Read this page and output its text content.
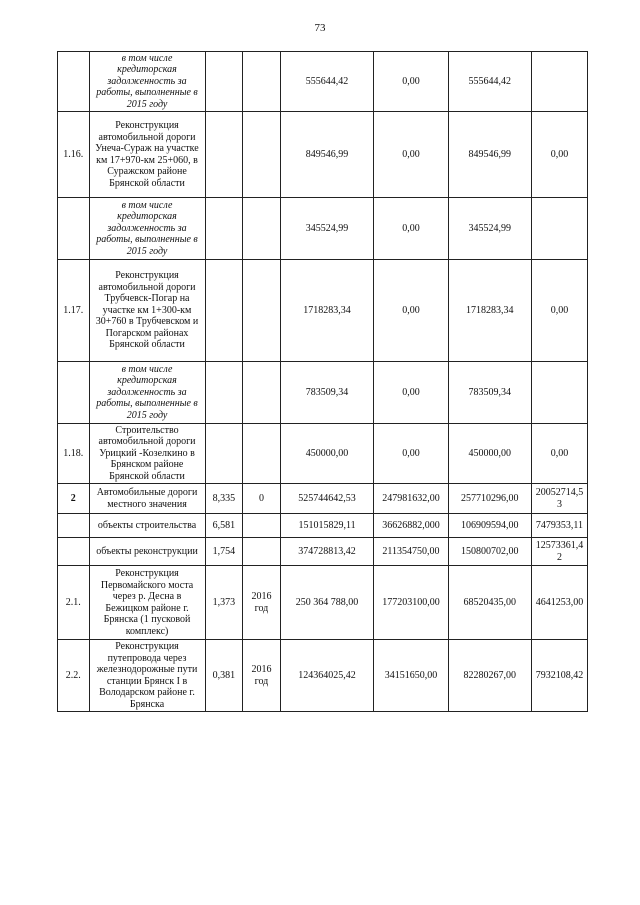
73
	в том числе кредиторская задолженность за работы, выполненные в 2015 году			555644,42	0,00	555644,42	
1.16.	Реконструкция автомобильной дороги Унеча-Сураж на участке км 17+970-км 25+060, в Суражском районе Брянской области			849546,99	0,00	849546,99	0,00
	в том числе кредиторская задолженность за работы, выполненные в 2015 году			345524,99	0,00	345524,99	
1.17.	Реконструкция автомобильной дороги Трубчевск-Погар на участке км 1+300-км 30+760 в Трубчевском и Погарском районах Брянской области			1718283,34	0,00	1718283,34	0,00
	в том числе кредиторская задолженность за работы, выполненные в 2015 году			783509,34	0,00	783509,34	
1.18.	Строительство автомобильной дороги Урицкий -Козелкино в Брянском районе Брянской области			450000,00	0,00	450000,00	0,00
2	Автомобильные дороги местного значения	8,335	0	525744642,53	247981632,00	257710296,00	20052714,53
	объекты строительства	6,581		151015829,11	36626882,000	106909594,00	7479353,11
	объекты реконструкции	1,754		374728813,42	211354750,00	150800702,00	12573361,42
2.1.	Реконструкция Первомайского моста через р. Десна в Бежицком районе г. Брянска (1 пусковой комплекс)	1,373	2016 год	250 364 788,00	177203100,00	68520435,00	4641253,00
2.2.	Реконструкция путепровода через железнодорожные пути станции Брянск I в Володарском районе г. Брянска	0,381	2016 год	124364025,42	34151650,00	82280267,00	7932108,42
